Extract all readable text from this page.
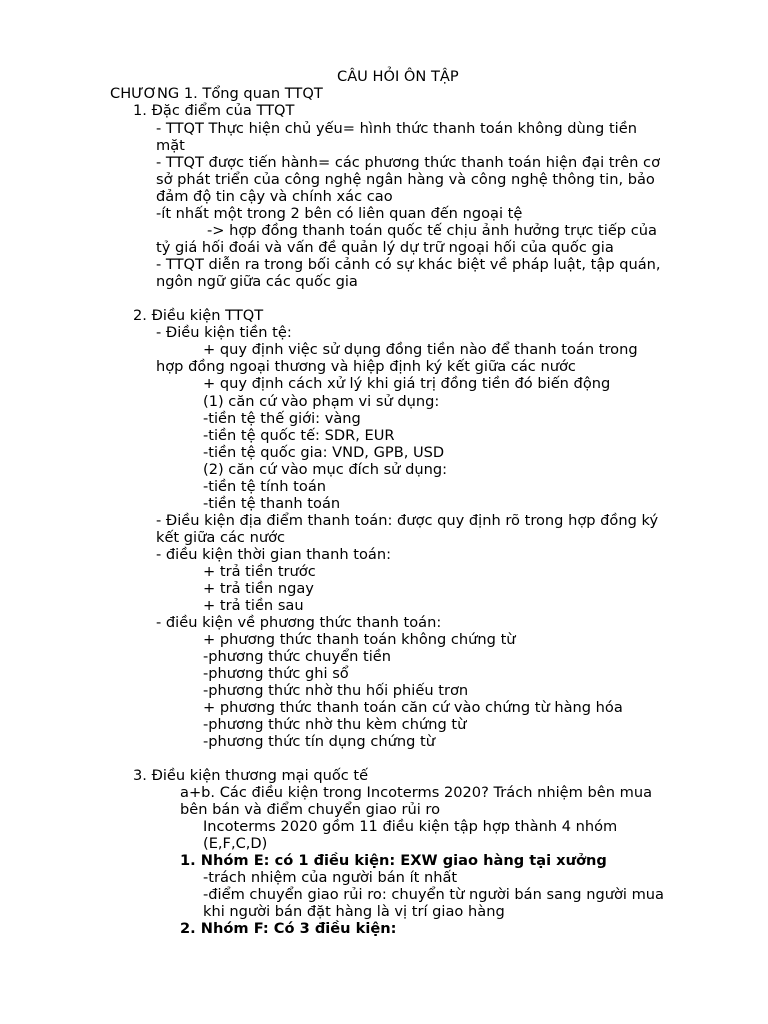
CÂU HỎI ÔN TẬP
CHƯƠNG 1. Tổng quan TTQT
1. Đặc điểm của TTQT
- TTQT Thực hiện chủ yếu= hình thức thanh toán không dùng tiền
mặt
- TTQT được tiến hành= các phương thức thanh toán hiện đại trên cơ
sở phát triển của công nghệ ngân hàng và công nghệ thông tin, bảo
đảm độ tin cậy và chính xác cao
-ít nhất một trong 2 bên có liên quan đến ngoại tệ
-> hợp đồng thanh toán quốc tế chịu ảnh hưởng trực tiếp của
tỷ giá hối đoái và vấn đề quản lý dự trữ ngoại hối của quốc gia
- TTQT diễn ra trong bối cảnh có sự khác biệt về pháp luật, tập quán,
ngôn ngữ giữa các quốc gia
2. Điều kiện TTQT
- Điều kiện tiền tệ:
+ quy định việc sử dụng đồng tiền nào để thanh toán trong
hợp đồng ngoại thương và hiệp định ký kết giữa các nước
+ quy định cách xử lý khi giá trị đồng tiền đó biến động
(1) căn cứ vào phạm vi sử dụng:
-tiền tệ thế giới: vàng
-tiền tệ quốc tế: SDR, EUR
-tiền tệ quốc gia: VND, GPB, USD
(2) căn cứ vào mục đích sử dụng:
-tiền tệ tính toán
-tiền tệ thanh toán
- Điều kiện địa điểm thanh toán: được quy định rõ trong hợp đồng ký
kết giữa các nước
- điều kiện thời gian thanh toán:
+ trả tiền trước
+ trả tiền ngay
+ trả tiền sau
- điều kiện về phương thức thanh toán:
+ phương thức thanh toán không chứng từ
-phương thức chuyển tiền
-phương thức ghi sổ
-phương thức nhờ thu hối phiếu trơn
+ phương thức thanh toán căn cứ vào chứng từ hàng hóa
-phương thức nhờ thu kèm chứng từ
-phương thức tín dụng chứng từ
3. Điều kiện thương mại quốc tế
a+b. Các điều kiện trong Incoterms 2020? Trách nhiệm bên mua
bên bán và điểm chuyển giao rủi ro
Incoterms 2020 gồm 11 điều kiện tập hợp thành 4 nhóm
(E,F,C,D)
1. Nhóm E: có 1 điều kiện: EXW giao hàng tại xưởng
-trách nhiệm của người bán ít nhất
-điểm chuyển giao rủi ro: chuyển từ người bán sang người mua
khi người bán đặt hàng là vị trí giao hàng
2. Nhóm F: Có 3 điều kiện:
